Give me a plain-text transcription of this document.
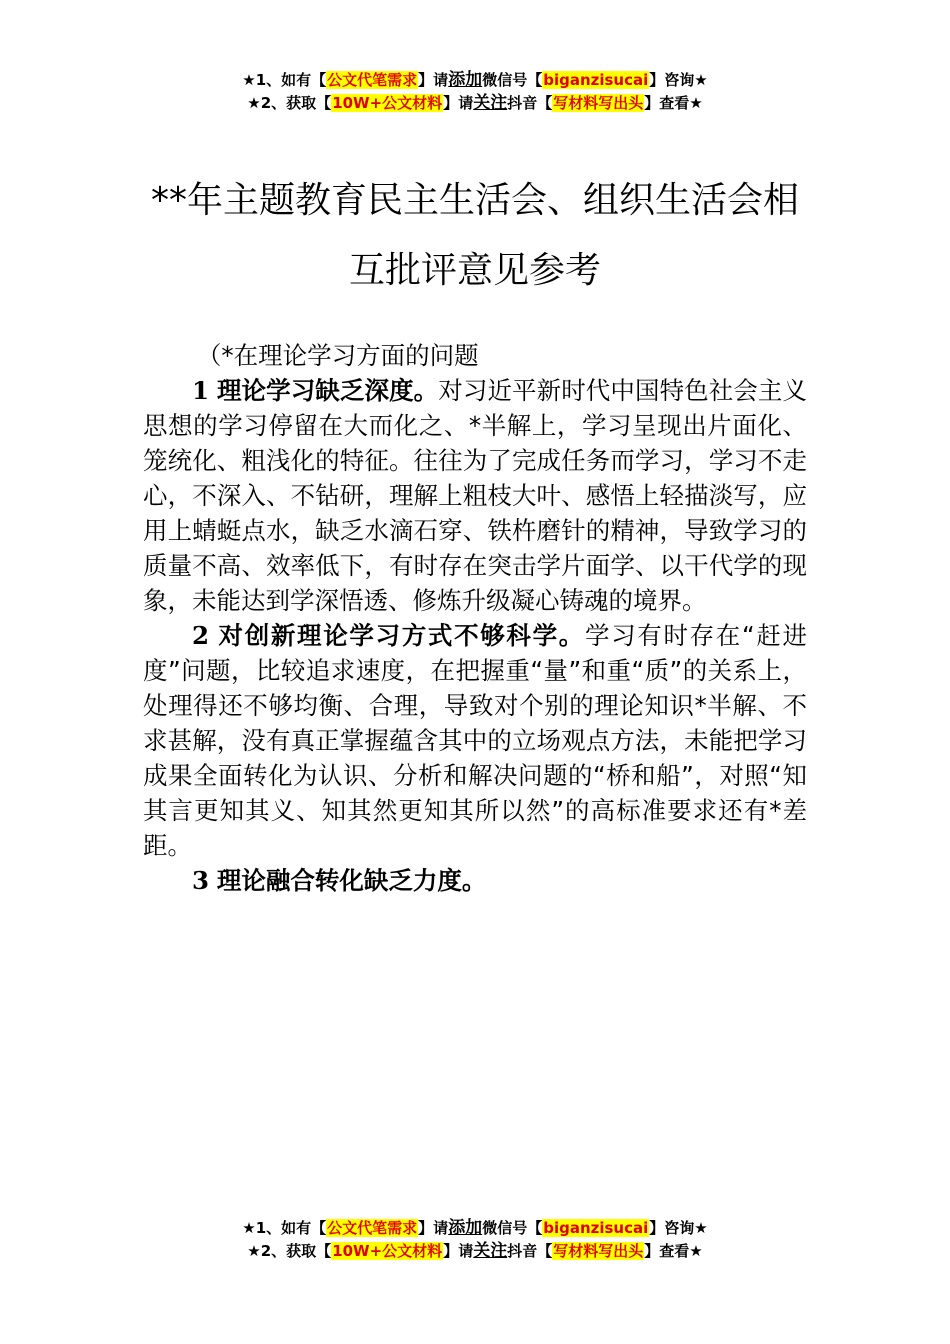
★1、如有【公文代笔需求】请添加微信号【biganzisucai】咨询★
★2、获取【10W+公文材料】请关注抖音【写材料写出头】查看★
**年主题教育民主生活会、组织生活会相
互批评意见参考

（*在理论学习方面的问题

1 理论学习缺乏深度。对习近平新时代中国特色社会主义思想的学习停留在大而化之、*半解上，学习呈现出片面化、笼统化、粗浅化的特征。往往为了完成任务而学习，学习不走心，不深入、不钻研，理解上粗枝大叶、感悟上轻描淡写，应用上蜻蜓点水，缺乏水滴石穿、铁杵磨针的精神，导致学习的质量不高、效率低下，有时存在突击学片面学、以干代学的现象，未能达到学深悟透、修炼升级凝心铸魂的境界。

2 对创新理论学习方式不够科学。学习有时存在“赶进度”问题，比较追求速度，在把握重“量”和重“质”的关系上，处理得还不够均衡、合理，导致对个别的理论知识*半解、不求甚解，没有真正掌握蕴含其中的立场观点方法，未能把学习成果全面转化为认识、分析和解决问题的“桥和船”，对照“知其言更知其义、知其然更知其所以然”的高标准要求还有*差距。

3 理论融合转化缺乏力度。

★1、如有【公文代笔需求】请添加微信号【biganzisucai】咨询★
★2、获取【10W+公文材料】请关注抖音【写材料写出头】查看★
